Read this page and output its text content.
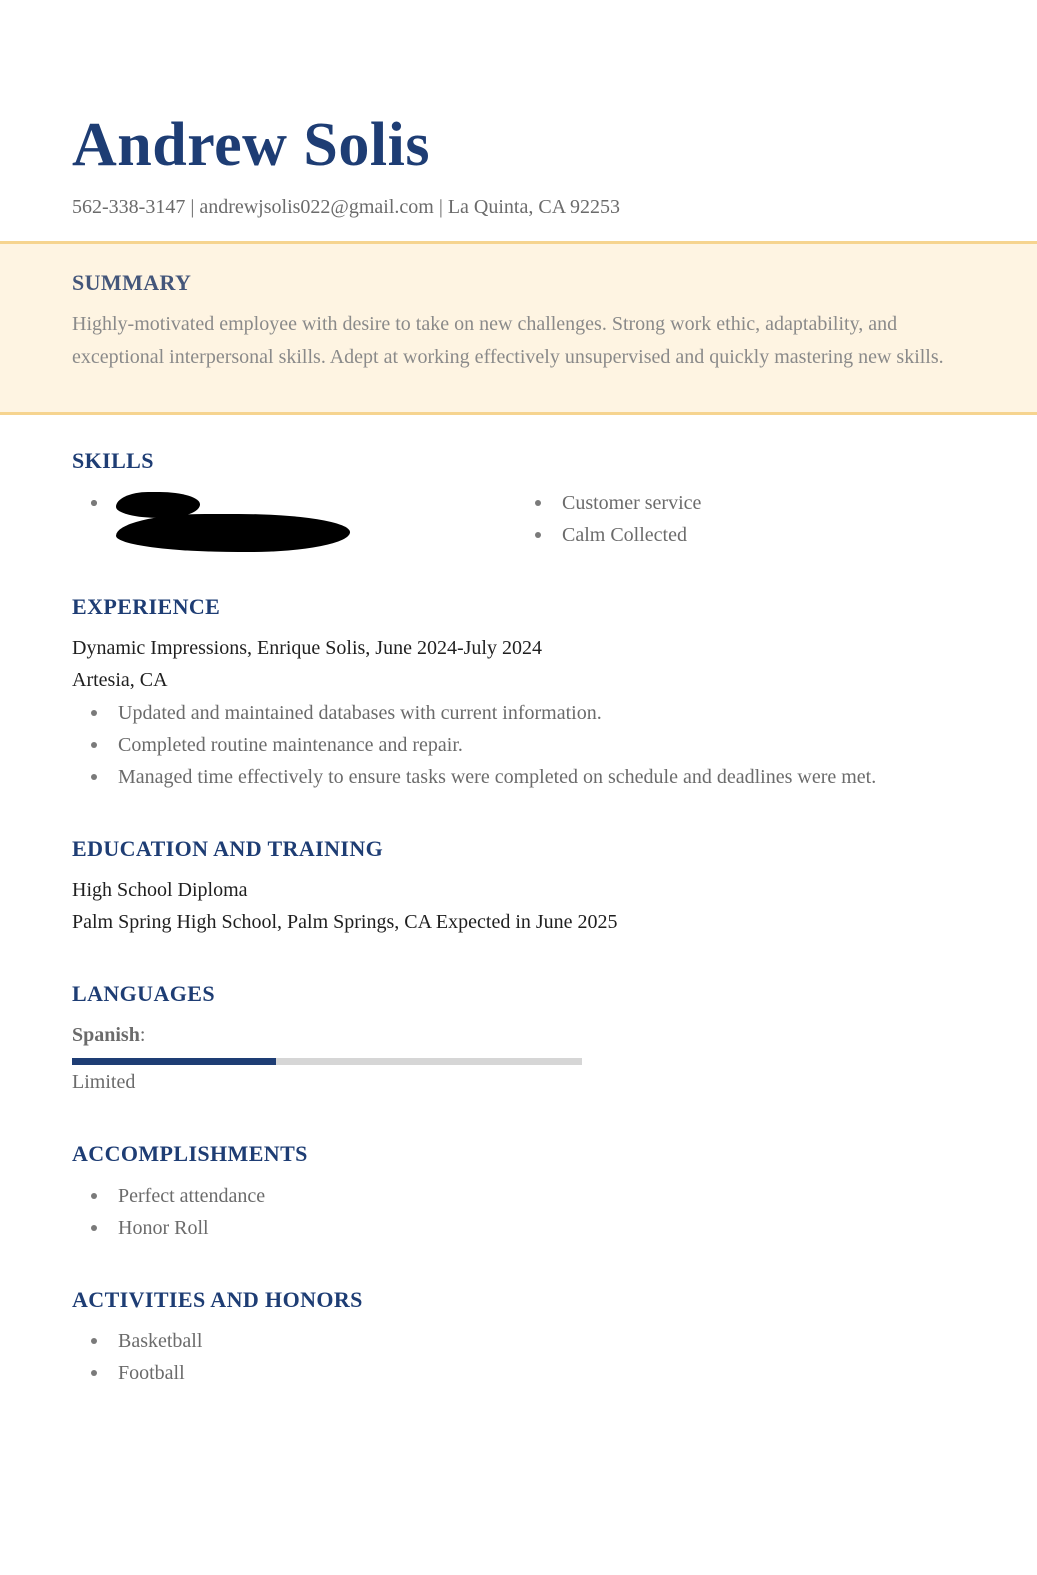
Andrew Solis
562-338-3147 | andrewjsolis022@gmail.com | La Quinta, CA 92253
SUMMARY
Highly-motivated employee with desire to take on new challenges. Strong work ethic, adaptability, and exceptional interpersonal skills. Adept at working effectively unsupervised and quickly mastering new skills.
SKILLS
Customer service
Calm Collected
EXPERIENCE
Dynamic Impressions, Enrique Solis, June 2024-July 2024
Artesia, CA
Updated and maintained databases with current information.
Completed routine maintenance and repair.
Managed time effectively to ensure tasks were completed on schedule and deadlines were met.
EDUCATION AND TRAINING
High School Diploma
Palm Spring High School, Palm Springs, CA Expected in June 2025
LANGUAGES
Spanish:
Limited
ACCOMPLISHMENTS
Perfect attendance
Honor Roll
ACTIVITIES AND HONORS
Basketball
Football
